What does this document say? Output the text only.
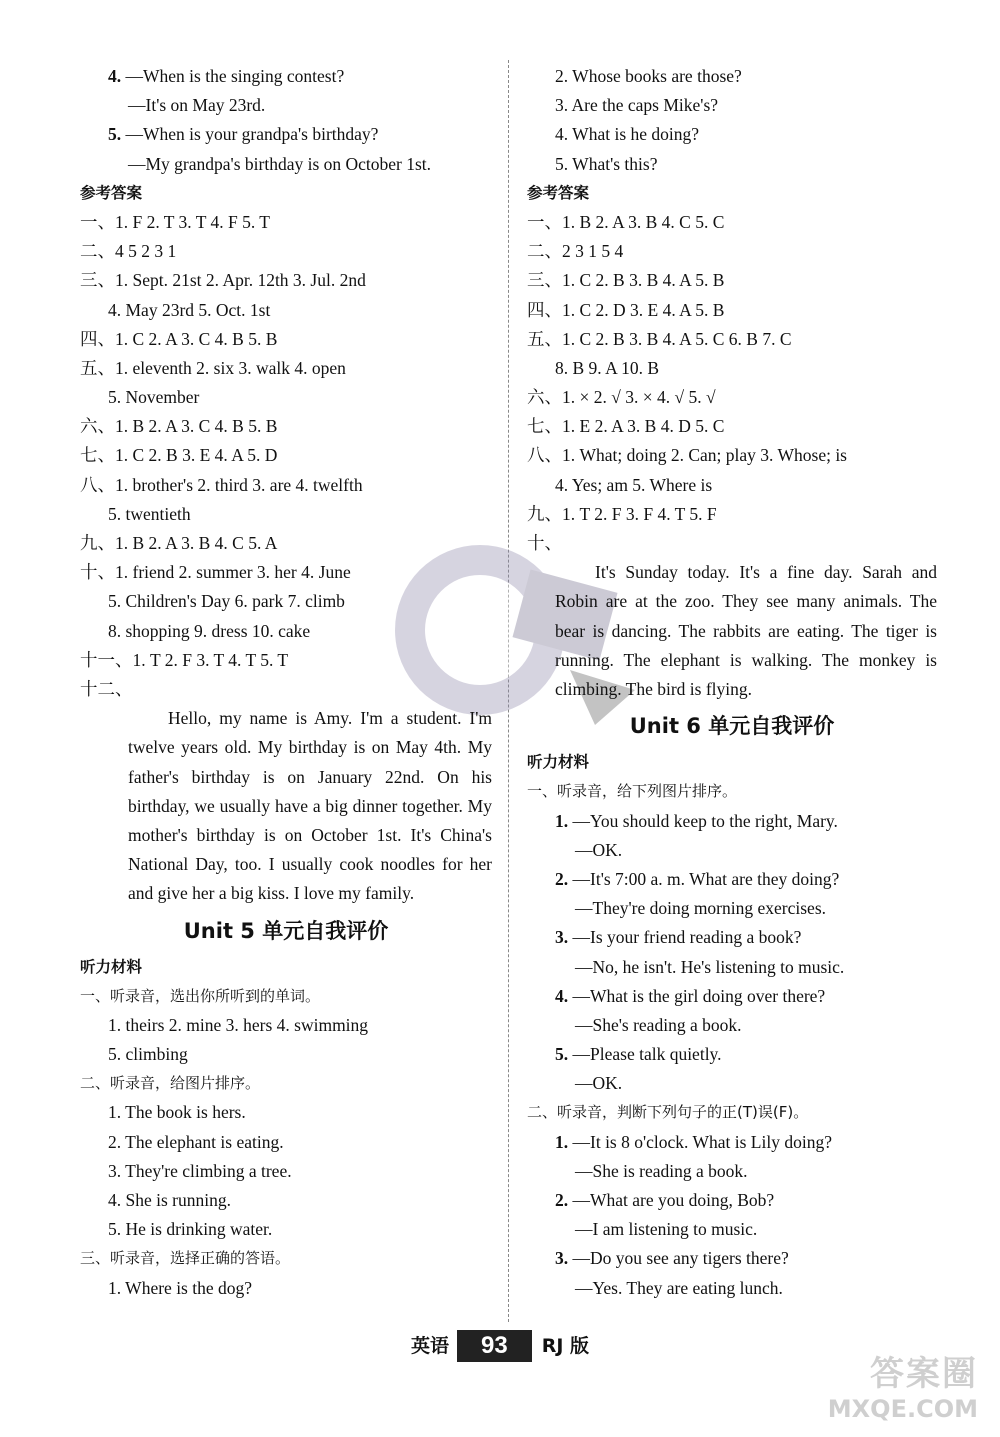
4. —When is the singing contest?
—It's on May 23rd.
5. —When is your grandpa's birthday?
—My grandpa's birthday is on October 1st.
参考答案
一、1. F 2. T 3. T 4. F 5. T
二、4 5 2 3 1
三、1. Sept. 21st 2. Apr. 12th 3. Jul. 2nd
4. May 23rd 5. Oct. 1st
四、1. C 2. A 3. C 4. B 5. B
五、1. eleventh 2. six 3. walk 4. open
5. November
六、1. B 2. A 3. C 4. B 5. B
七、1. C 2. B 3. E 4. A 5. D
八、1. brother's 2. third 3. are 4. twelfth
5. twentieth
九、1. B 2. A 3. B 4. C 5. A
十、1. friend 2. summer 3. her 4. June
5. Children's Day 6. park 7. climb
8. shopping 9. dress 10. cake
十一、1. T 2. F 3. T 4. T 5. T
十二、
Hello, my name is Amy. I'm a student. I'm twelve years old. My birthday is on May 4th. My father's birthday is on January 22nd. On his birthday, we usually have a big dinner together. My mother's birthday is on October 1st. It's China's National Day, too. I usually cook noodles for her and give her a big kiss. I love my family.
Unit 5 单元自我评价
听力材料
一、听录音，选出你所听到的单词。
1. theirs 2. mine 3. hers 4. swimming
5. climbing
二、听录音，给图片排序。
1. The book is hers.
2. The elephant is eating.
3. They're climbing a tree.
4. She is running.
5. He is drinking water.
三、听录音，选择正确的答语。
1. Where is the dog?
2. Whose books are those?
3. Are the caps Mike's?
4. What is he doing?
5. What's this?
参考答案
一、1. B 2. A 3. B 4. C 5. C
二、2 3 1 5 4
三、1. C 2. B 3. B 4. A 5. B
四、1. C 2. D 3. E 4. A 5. B
五、1. C 2. B 3. B 4. A 5. C 6. B 7. C
8. B 9. A 10. B
六、1. × 2. √ 3. × 4. √ 5. √
七、1. E 2. A 3. B 4. D 5. C
八、1. What; doing 2. Can; play 3. Whose; is
4. Yes; am 5. Where is
九、1. T 2. F 3. F 4. T 5. F
十、
It's Sunday today. It's a fine day. Sarah and Robin are at the zoo. They see many animals. The bear is dancing. The rabbits are eating. The tiger is running. The elephant is walking. The monkey is climbing. The bird is flying.
Unit 6 单元自我评价
听力材料
一、听录音，给下列图片排序。
1. —You should keep to the right, Mary.
—OK.
2. —It's 7:00 a. m. What are they doing?
—They're doing morning exercises.
3. —Is your friend reading a book?
—No, he isn't. He's listening to music.
4. —What is the girl doing over there?
—She's reading a book.
5. —Please talk quietly.
—OK.
二、听录音，判断下列句子的正(T)误(F)。
1. —It is 8 o'clock. What is Lily doing?
—She is reading a book.
2. —What are you doing, Bob?
—I am listening to music.
3. —Do you see any tigers there?
—Yes. They are eating lunch.
英语 93 RJ 版
答案圈
MXQE.COM
